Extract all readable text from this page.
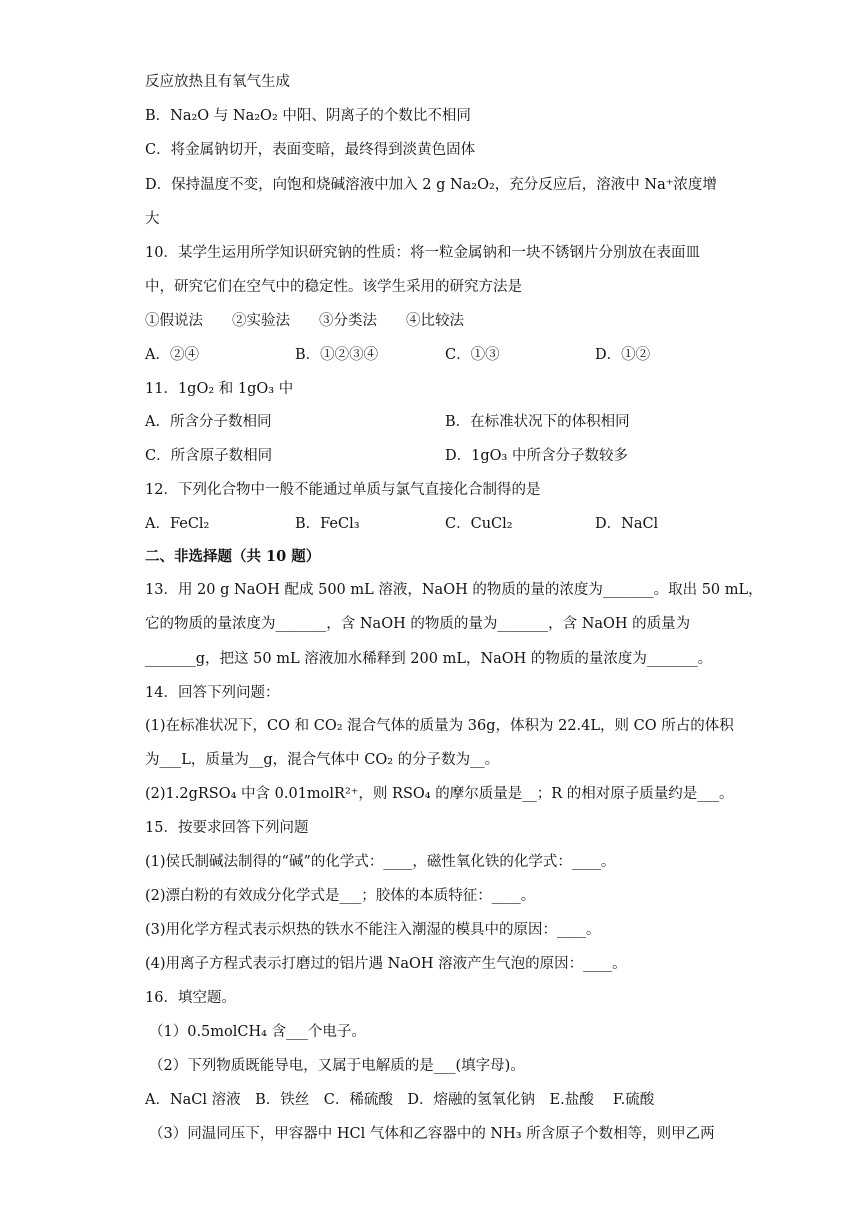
反应放热且有氧气生成
B．Na₂O 与 Na₂O₂ 中阳、阴离子的个数比不相同
C．将金属钠切开，表面变暗，最终得到淡黄色固体
D．保持温度不变，向饱和烧碱溶液中加入 2 g Na₂O₂，充分反应后，溶液中 Na⁺浓度增
大
10．某学生运用所学知识研究钠的性质：将一粒金属钠和一块不锈钢片分别放在表面皿
中，研究它们在空气中的稳定性。该学生采用的研究方法是
①假说法　　②实验法　　③分类法　　④比较法
A．②④	B．①②③④	C．①③	D．①②
11．1gO₂ 和 1gO₃ 中
A．所含分子数相同	B．在标准状况下的体积相同
C．所含原子数相同	D．1gO₃ 中所含分子数较多
12．下列化合物中一般不能通过单质与氯气直接化合制得的是
A．FeCl₂	B．FeCl₃	C．CuCl₂	D．NaCl
二、非选择题（共 10 题）
13．用 20 g NaOH 配成 500 mL 溶液，NaOH 的物质的量的浓度为_______。取出 50 mL，
它的物质的量浓度为_______，含 NaOH 的物质的量为_______，含 NaOH 的质量为
_______g，把这 50 mL 溶液加水稀释到 200 mL，NaOH 的物质的量浓度为_______。
14．回答下列问题：
(1)在标准状况下，CO 和 CO₂ 混合气体的质量为 36g，体积为 22.4L，则 CO 所占的体积
为___L，质量为__g，混合气体中 CO₂ 的分子数为__。
(2)1.2gRSO₄ 中含 0.01molR²⁺，则 RSO₄ 的摩尔质量是__；R 的相对原子质量约是___。
15．按要求回答下列问题
(1)侯氏制碱法制得的“碱”的化学式：____，磁性氧化铁的化学式：____。
(2)漂白粉的有效成分化学式是___；胶体的本质特征：____。
(3)用化学方程式表示炽热的铁水不能注入潮湿的模具中的原因：____。
(4)用离子方程式表示打磨过的铝片遇 NaOH 溶液产生气泡的原因：____。
16．填空题。
（1）0.5molCH₄ 含___个电子。
（2）下列物质既能导电，又属于电解质的是___(填字母)。
A．NaCl 溶液　B．铁丝　C．稀硫酸　D．熔融的氢氧化钠　E.盐酸　 F.硫酸
（3）同温同压下，甲容器中 HCl 气体和乙容器中的 NH₃ 所含原子个数相等，则甲乙两
